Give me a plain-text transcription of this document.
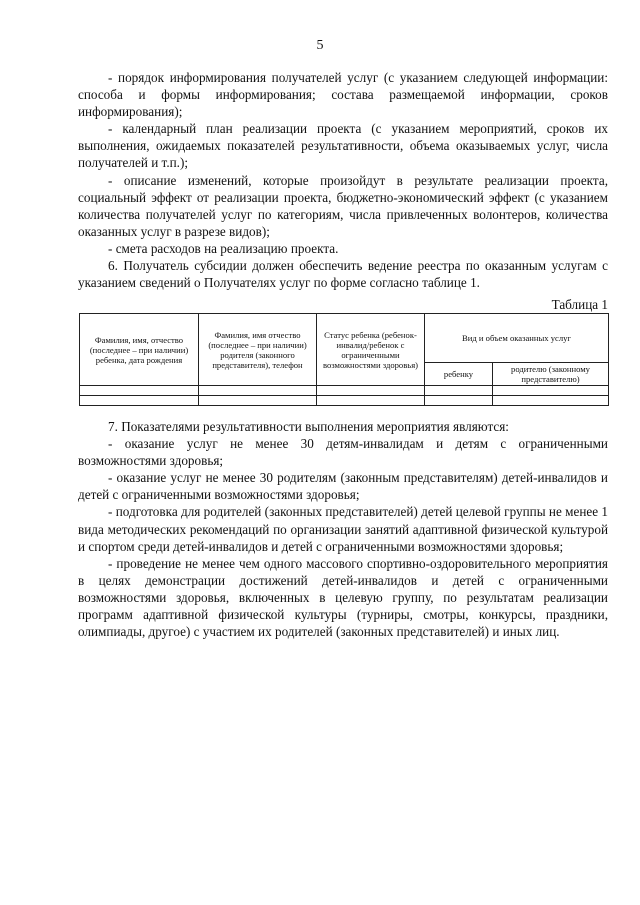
5

- порядок информирования получателей услуг (с указанием следующей информации: способа и формы информирования; состава размещаемой информации, сроков информирования);

- календарный план реализации проекта (с указанием мероприятий, сроков их выполнения, ожидаемых показателей результативности, объема оказываемых услуг, числа получателей и т.п.);

- описание изменений, которые произойдут в результате реализации проекта, социальный эффект от реализации проекта, бюджетно-экономический эффект (с указанием количества получателей услуг по категориям, числа привлеченных волонтеров, количества оказанных услуг в разрезе видов);

- смета расходов на реализацию проекта.

6. Получатель субсидии должен обеспечить ведение реестра по оказанным услугам с указанием сведений о Получателях услуг по форме согласно таблице 1.

Таблица 1
Фамилия, имя, отчество (последнее – при наличии) ребенка, дата рождения	Фамилия, имя отчество (последнее – при наличии) родителя (законного представителя), телефон	Статус ребенка (ребенок-инвалид/ребенок с ограниченными возможностями здоровья)	Вид и объем оказанных услуг	
			ребенку	родителю (законному представителю)

7. Показателями результативности выполнения мероприятия являются:

- оказание услуг не менее 30 детям-инвалидам и детям с ограниченными возможностями здоровья;

- оказание услуг не менее 30 родителям (законным представителям) детей-инвалидов и детей с ограниченными возможностями здоровья;

- подготовка для родителей (законных представителей) детей целевой группы не менее 1 вида методических рекомендаций по организации занятий адаптивной физической культурой и спортом среди детей-инвалидов и детей с ограниченными возможностями здоровья;

- проведение не менее чем одного массового спортивно-оздоровительного мероприятия в целях демонстрации достижений детей-инвалидов и детей с ограниченными возможностями здоровья, включенных в целевую группу, по результатам реализации программ адаптивной физической культуры (турниры, смотры, конкурсы, праздники, олимпиады, другое) с участием их родителей (законных представителей) и иных лиц.
